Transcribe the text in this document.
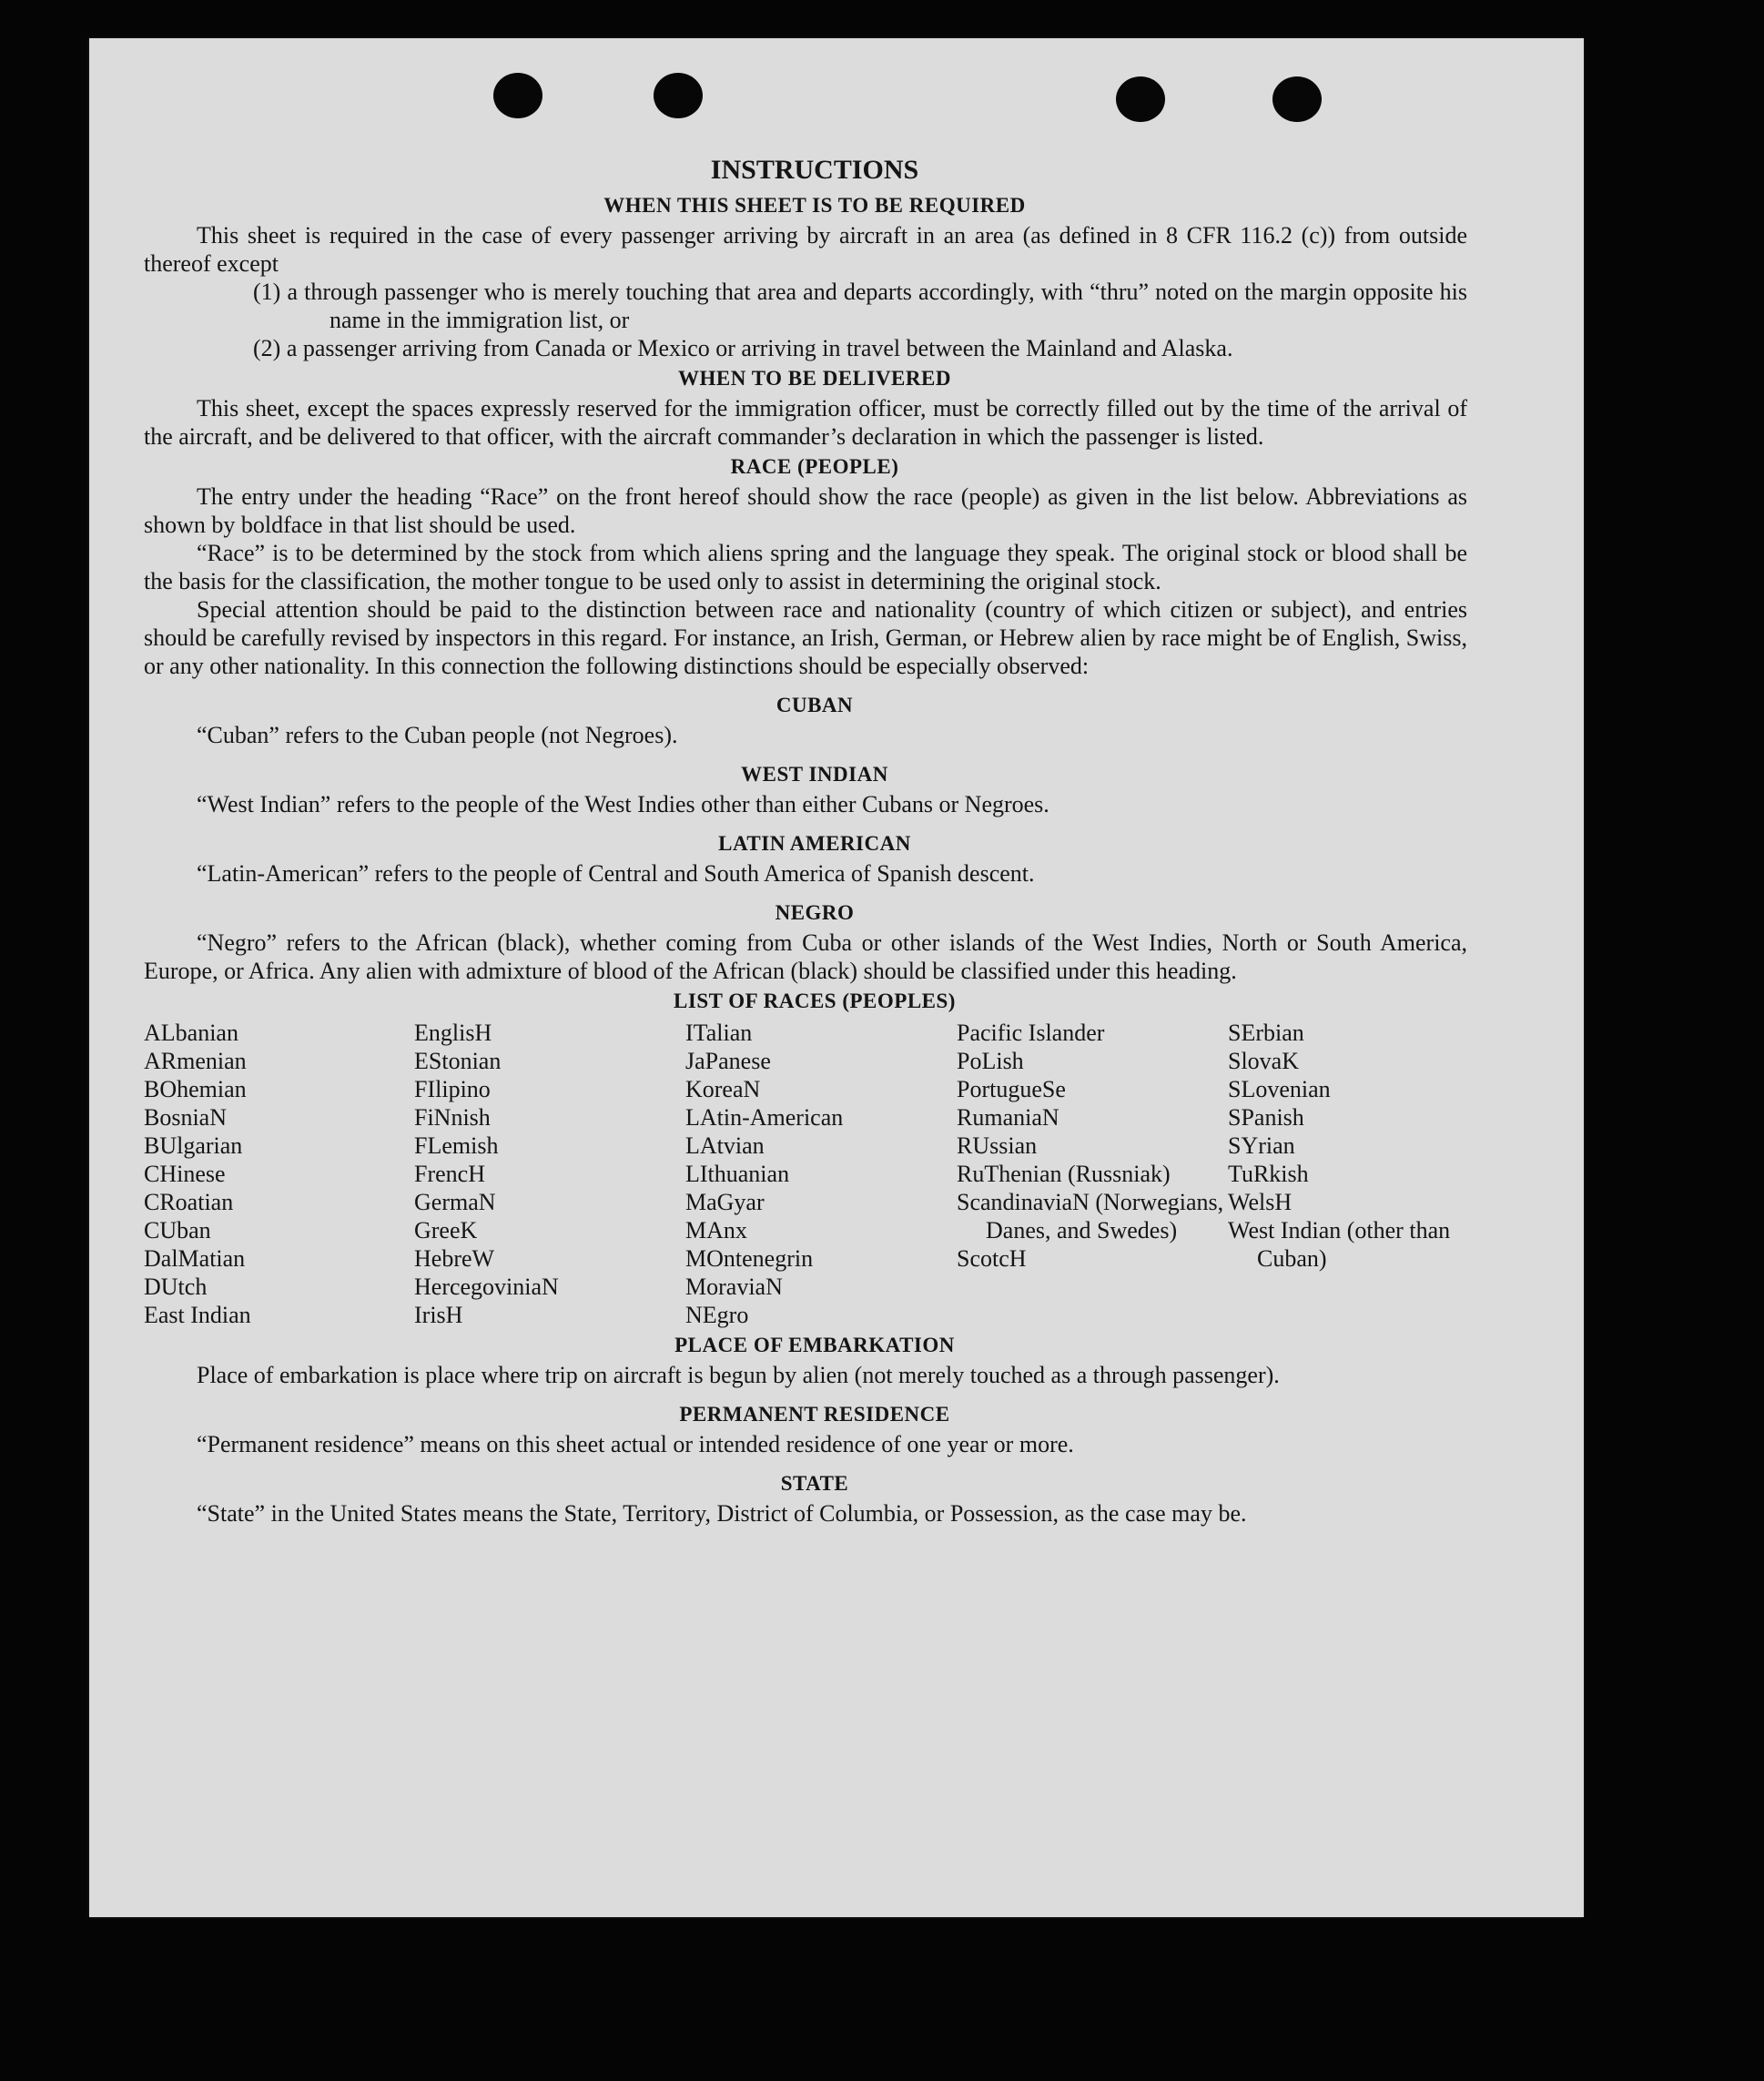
INSTRUCTIONS
WHEN THIS SHEET IS TO BE REQUIRED

This sheet is required in the case of every passenger arriving by aircraft in an area (as defined in 8 CFR 116.2 (c)) from outside thereof except

(1) a through passenger who is merely touching that area and departs accordingly, with “thru” noted on the margin opposite his name in the immigration list, or
(2) a passenger arriving from Canada or Mexico or arriving in travel between the Mainland and Alaska.
WHEN TO BE DELIVERED

This sheet, except the spaces expressly reserved for the immigration officer, must be correctly filled out by the time of the arrival of the aircraft, and be delivered to that officer, with the aircraft commander’s declaration in which the passenger is listed.

RACE (PEOPLE)

The entry under the heading “Race” on the front hereof should show the race (people) as given in the list below. Abbreviations as shown by boldface in that list should be used.

“Race” is to be determined by the stock from which aliens spring and the language they speak. The original stock or blood shall be the basis for the classification, the mother tongue to be used only to assist in determining the original stock.

Special attention should be paid to the distinction between race and nationality (country of which citizen or subject), and entries should be carefully revised by inspectors in this regard. For instance, an Irish, German, or Hebrew alien by race might be of English, Swiss, or any other nationality. In this connection the following distinctions should be especially observed:

CUBAN

“Cuban” refers to the Cuban people (not Negroes).

WEST INDIAN

“West Indian” refers to the people of the West Indies other than either Cubans or Negroes.

LATIN AMERICAN

“Latin-American” refers to the people of Central and South America of Spanish descent.

NEGRO

“Negro” refers to the African (black), whether coming from Cuba or other islands of the West Indies, North or South America, Europe, or Africa. Any alien with admixture of blood of the African (black) should be classified under this heading.

LIST OF RACES (PEOPLES)
ALbanian
ARmenian
BOhemian
BosniaN
BUlgarian
CHinese
CRoatian
CUban
DalMatian
DUtch
East Indian
EnglisH
EStonian
FIlipino
FiNnish
FLemish
FrencH
GermaN
GreeK
HebreW
HercegoviniaN
IrisH
ITalian
JaPanese
KoreaN
LAtin-American
LAtvian
LIthuanian
MaGyar
MAnx
MOntenegrin
MoraviaN
NEgro
Pacific Islander
PoLish
PortugueSe
RumaniaN
RUssian
RuThenian (Russniak)
ScandinaviaN (Norwegians, Danes, and Swedes)
ScotcH
SErbian
SlovaK
SLovenian
SPanish
SYrian
TuRkish
WelsH
West Indian (other than Cuban)
PLACE OF EMBARKATION

Place of embarkation is place where trip on aircraft is begun by alien (not merely touched as a through passenger).

PERMANENT RESIDENCE

“Permanent residence” means on this sheet actual or intended residence of one year or more.

STATE

“State” in the United States means the State, Territory, District of Columbia, or Possession, as the case may be.
